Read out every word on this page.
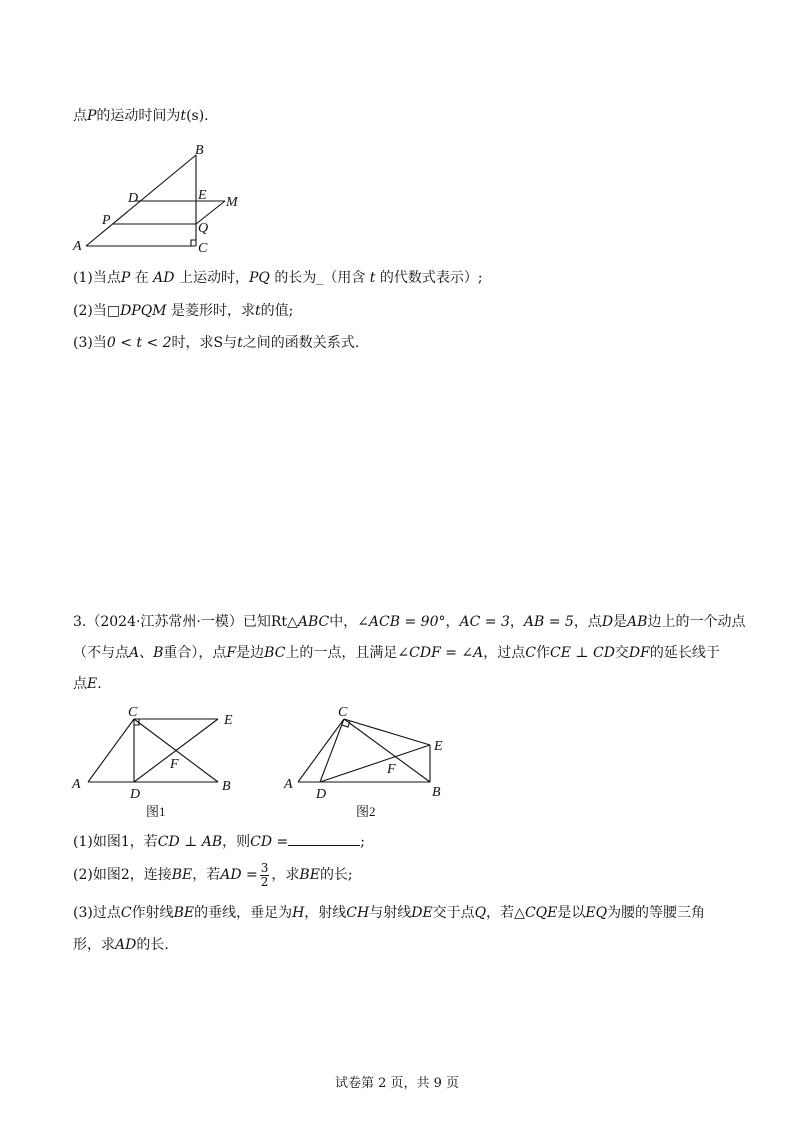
点P的运动时间为t(s).
B
D	E M
P
Q
A	C
(1)当点P 在 AD 上运动时，PQ 的长为_（用含 t 的代数式表示）;
(2)当□DPQM 是菱形时，求t的值;
(3)当0 < t < 2时，求S与t之间的函数关系式.
3.（2024·江苏常州·一模）已知Rt△ABC中，∠ACB = 90°，AC = 3，AB = 5，点D是AB边上的一个动点
（不与点A、B重合），点F是边BC上的一点，且满足∠CDF = ∠A，过点C作CE ⊥ CD交DF的延长线于
点E.
C
E
F
A
D
B
图1
C
E
F
A
D	B
图2
(1)如图1，若CD ⊥ AB，则CD =	;
(2)如图2，连接BE，若AD = $\frac{3}{2}$ ，求BE的长;
(3)过点C作射线BE的垂线，垂足为H，射线CH与射线DE交于点Q，若△CQE是以EQ为腰的等腰三角
形，求AD的长.
试卷第 2 页，共 9 页
